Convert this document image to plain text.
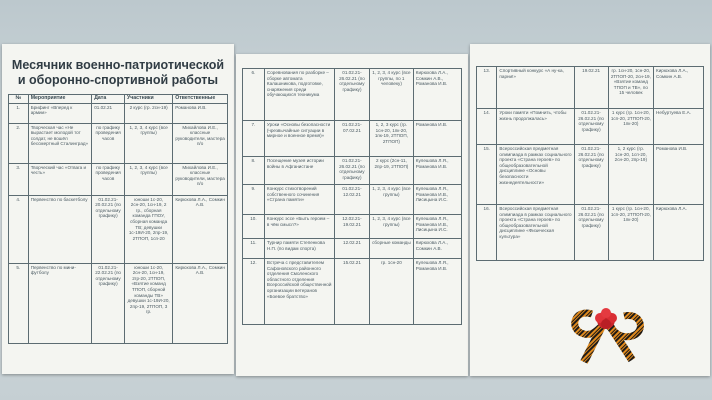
Месячник военно-патриотической
и оборонно-спортивной работы
№	Мероприятие	Дата	Участники	Ответственные
1.	Брифинг «Вперед к армии»	01.02.21	2 курс (гр. 2сн-19)	Романова И.В.
2.	Творческая час «Не вырастает молодой тот солдат, не вошёл бессмертный Сталинград»	по графику проведения часов	1, 2, 3, 4 курс (все группы)	Михайлова И.Е., классные руководители, мастера п/о
3.	Творческий час «Отвага и честь»	по графику проведения часов	1, 2, 3, 4 курс (все группы)	Михайлова И.Е., классные руководители, мастера п/о
4.	Первенство по баскетболу	01.02.21-20.02.21 (по отдельному графику)	юноши 1с-20, 2сн-20, 1сн-19, 2 гр., сборная команда ГПОУ, сборная команда ТВ; девушки 1с-19И-20, 2пр-19, 2ТПОП, 1сп-20	Кирюхова Л.А., Сомкин А.В.
5.	Первенство по мини-футболу	01.02.21-22.02.21 (по отдельному графику)	юноши 1с-20, 2сн-20, 1сн-19, 2гр-20, 2ТПОП, «Взятие команд ТПОП, сборной команды ТВ» девушки 1с-19И-20, 2пр-19, 2ТПОП, 3 гр.	Кирюхова Л.А., Сомкин А.В.
6.	Соревнования по разборке – сборке автомата Калашникова, подготовке, снаряжения среди обучающихся техникума	01.02.21-26.02.21 (по отдельному графику)	1, 2, 3, 4 курс (все группы, по 1 человеку)	Кирюхова Л.А., Сомкин А.В., Романова И.В.
7.	Уроки «Основы безопасности (чрезвычайные ситуации в мирное и военное время)»	01.02.21-07.02.21	1, 2, 3 курс (гр. 1сн-20, 1пк-20, 1пк-19, 2ТПОП, 2ТПОП)	Романова И.В.
8.	Посещение музея истории войны в Афганистане	01.02.21-26.02.21 (по отдельному графику)	2 курс (2сн-11, 2пр-19, 2ТПОП)	Кулешова Л.Я., Романова И.В.
9.	Конкурс стихотворений собственного сочинения «Страна памяти»	01.02.21-12.02.21	1, 2, 3, 4 курс (все группы)	Кулешова Л.Я., Романова И.В., Лисицына И.С.
10.	Конкурс эссе «Быть героем – в чём смысл?»	12.02.21-19.02.21	1, 2, 3, 4 курс (все группы)	Кулешова Л.Я., Романова И.В., Лисицына И.С.
11.	Турнир памяти Степенкова Н.П. (по видам спорта)	12.02.21	сборные команды	Кирюхова Л.А., Сомкин А.В.
12.	Встреча с представителем Сафоновского районного отделения Смоленского областного отделения Всероссийской общественной организации ветеранов «Боевое братство»	15.02.21	гр. 1сн-20	Кулешова Л.Я., Романова И.В.
13.	Спортивный конкурс «А ну-ка, парни!»	19.02.21	гр. 1сн-20, 1сн-20, 2ТПОП-20, 2сн-19, «Взятие команд ТПОП и ТВ», по 15 человек	Кирюхова Л.А., Сомкин А.В.
14.	Уроки памяти «Помнить, чтобы жизнь продолжалась»	01.02.21-26.02.21 (по отдельному графику)	1 курс (гр. 1сн-20, 1сп-20, 2ТПОП-20, 1пк-20)	Небуртуева Е.А.
15.	Всероссийская предметная олимпиада в рамках социального проекта «Страна героев» по общеобразовательной дисциплине «Основы безопасности жизнедеятельности»	01.02.21-26.02.21 (по отдельному графику)	1, 2 курс (гр. 1сн-20, 1сп-20, 2сн-20, 2пр-19)	Романова И.В.
16.	Всероссийская предметная олимпиада в рамках социального проекта «Страна героев» по общеобразовательной дисциплине «Физическая культура»	01.02.21-26.02.21 (по отдельному графику)	1 курс (гр. 1сн-20, 1сп-20, 2ТПОП-20, 1пк-20)	Кирюхова Л.А.
